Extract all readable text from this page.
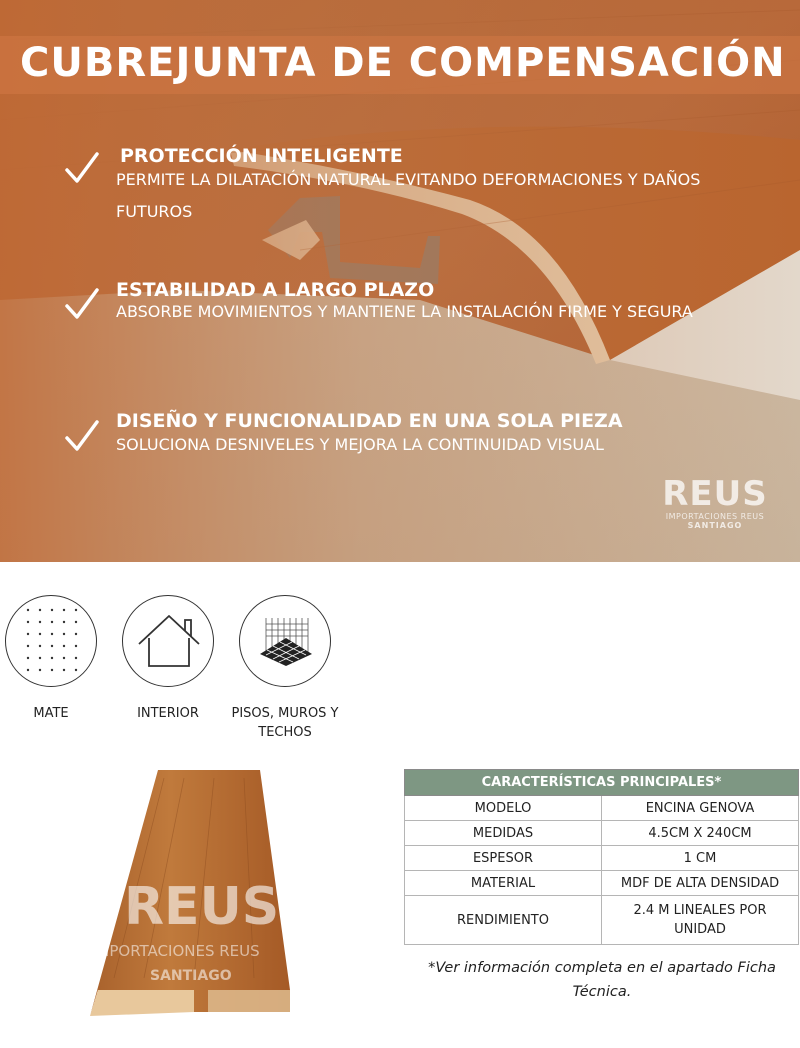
CUBREJUNTA DE COMPENSACIÓN
PROTECCIÓN INTELIGENTE
PERMITE LA DILATACIÓN NATURAL EVITANDO DEFORMACIONES Y DAÑOS FUTUROS
ESTABILIDAD A LARGO PLAZO
ABSORBE MOVIMIENTOS Y MANTIENE LA INSTALACIÓN FIRME Y SEGURA
DISEÑO Y FUNCIONALIDAD EN UNA SOLA PIEZA
SOLUCIONA DESNIVELES Y MEJORA LA CONTINUIDAD VISUAL
REUS
IMPORTACIONES REUS
SANTIAGO
MATE	INTERIOR	PISOS, MUROS Y TECHOS
REUS
IMPORTACIONES REUS
SANTIAGO
CARACTERÍSTICAS PRINCIPALES*	
MODELO	ENCINA GENOVA
MEDIDAS	4.5CM X 240CM
ESPESOR	1 CM
MATERIAL	MDF DE ALTA DENSIDAD
RENDIMIENTO	2.4 M LINEALES POR UNIDAD
*Ver información completa en el apartado Ficha Técnica.
